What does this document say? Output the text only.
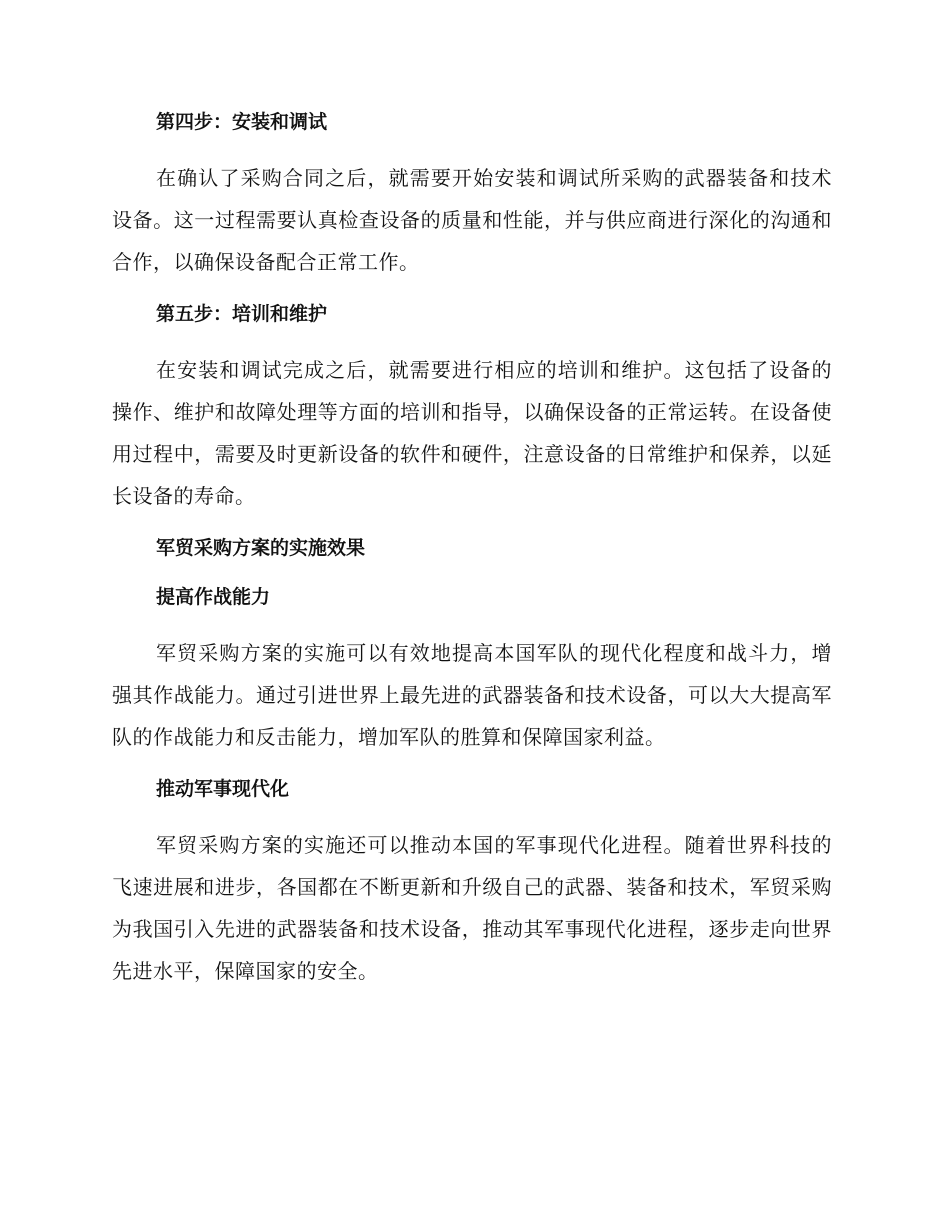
第四步：安装和调试

在确认了采购合同之后，就需要开始安装和调试所采购的武器装备和技术设备。这一过程需要认真检查设备的质量和性能，并与供应商进行深化的沟通和合作，以确保设备配合正常工作。

第五步：培训和维护

在安装和调试完成之后，就需要进行相应的培训和维护。这包括了设备的操作、维护和故障处理等方面的培训和指导，以确保设备的正常运转。在设备使用过程中，需要及时更新设备的软件和硬件，注意设备的日常维护和保养，以延长设备的寿命。

军贸采购方案的实施效果
提高作战能力

军贸采购方案的实施可以有效地提高本国军队的现代化程度和战斗力，增强其作战能力。通过引进世界上最先进的武器装备和技术设备，可以大大提高军队的作战能力和反击能力，增加军队的胜算和保障国家利益。

推动军事现代化

军贸采购方案的实施还可以推动本国的军事现代化进程。随着世界科技的飞速进展和进步，各国都在不断更新和升级自己的武器、装备和技术，军贸采购为我国引入先进的武器装备和技术设备，推动其军事现代化进程，逐步走向世界先进水平，保障国家的安全。
